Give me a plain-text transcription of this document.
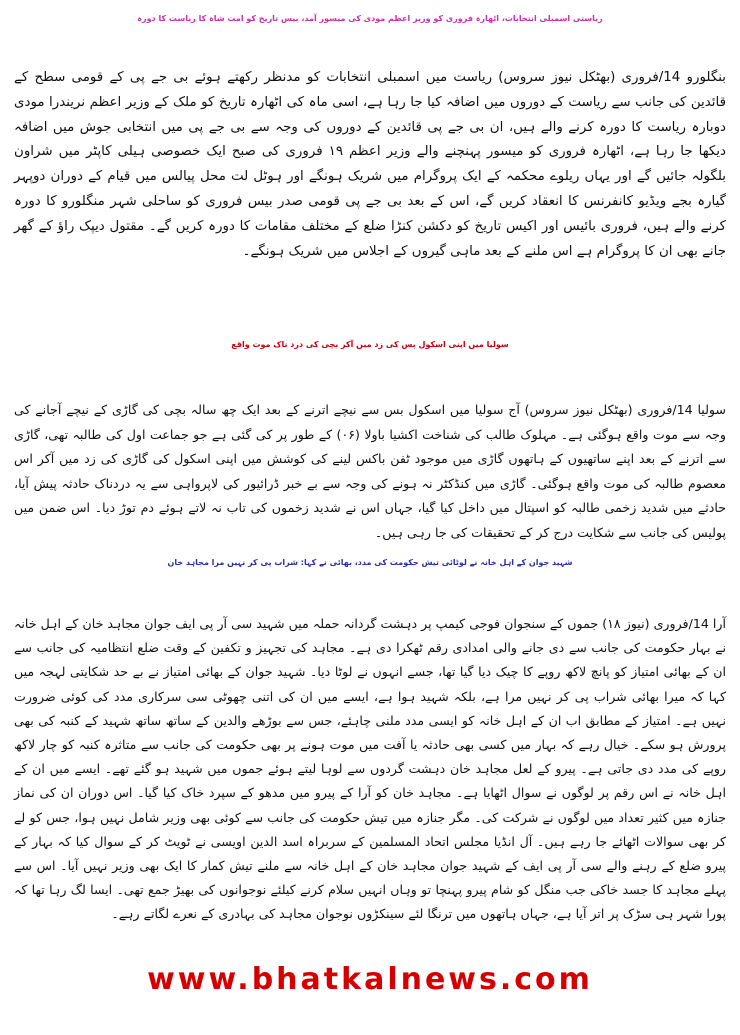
ریاستی اسمبلی انتخابات، اٹھارہ فروری کو وزیر اعظم مودی کی میسور آمد، بیس تاریخ کو امت شاہ کا ریاست کا دورہ
بنگلورو 14/فروری (بھٹکل نیوز سروس) ریاست میں اسمبلی انتخابات کو مدنظر رکھتے ہوئے بی جے پی کے قومی سطح کے قائدین کی جانب سے ریاست کے دوروں میں اضافہ کیا جا رہا ہے، اسی ماہ کی اٹھارہ تاریخ کو ملک کے وزیر اعظم نریندرا مودی دوبارہ ریاست کا دورہ کرنے والے ہیں، ان بی جے پی قائدین کے دوروں کی وجہ سے بی جے پی میں انتخابی جوش میں اضافہ دیکھا جا رہا ہے، اٹھارہ فروری کو میسور پہنچنے والے وزیر اعظم ۱۹ فروری کی صبح ایک خصوصی ہیلی کاپٹر میں شراون بلگولہ جائیں گے اور یہاں ریلوے محکمہ کے ایک پروگرام میں شریک ہونگے اور ہوٹل لت محل پیالس میں قیام کے دوران دوپہر گیارہ بجے ویڈیو کانفرنس کا انعقاد کریں گے، اس کے بعد بی جے پی قومی صدر بیس فروری کو ساحلی شہر منگلورو کا دورہ کرنے والے ہیں، فروری بائیس اور اکیس تاریخ کو دکشن کنڑا ضلع کے مختلف مقامات کا دورہ کریں گے۔ مقتول دیپک راؤ کے گھر جانے بھی ان کا پروگرام ہے اس ملنے کے بعد ماہی گیروں کے اجلاس میں شریک ہونگے۔
سولیا میں اپنی اسکول بس کی زد میں آکر بچی کی درد ناک موت واقع
سولیا 14/فروری (بھٹکل نیوز سروس) آج سولیا میں اسکول بس سے نیچے اترنے کے بعد ایک چھ سالہ بچی کی گاڑی کے نیچے آجانے کی وجہ سے موت واقع ہوگئی ہے۔ مہلوک طالب کی شناخت اکشیا باولا (۰۶) کے طور پر کی گئی ہے جو جماعت اول کی طالبہ تھی، گاڑی سے اترنے کے بعد اپنے ساتھیوں کے ہاتھوں گاڑی میں موجود ٹفن باکس لینے کی کوشش میں اپنی اسکول کی گاڑی کی زد میں آکر اس معصوم طالبہ کی موت واقع ہوگئی۔ گاڑی میں کنڈکٹر نہ ہونے کی وجہ سے بے خبر ڈرائیور کی لاپرواہی سے یہ دردناک حادثہ پیش آیا، حادثے میں شدید زخمی طالبہ کو اسپتال میں داخل کیا گیا، جہاں اس نے شدید زخموں کی تاب نہ لاتے ہوئے دم توڑ دیا۔ اس ضمن میں پولیس کی جانب سے شکایت درج کر کے تحقیقات کی جا رہی ہیں۔
شہید جوان کے اہل خانہ نے لوٹائی تیش حکومت کی مدد، بھائی نے کہا: شراب پی کر نہیں مرا مجاہد خان
آرا 14/فروری (نیوز ۱۸) جموں کے سنجوان فوجی کیمپ پر دہشت گردانہ حملہ میں شہید سی آر پی ایف جوان مجاہد خان کے اہل خانہ نے بہار حکومت کی جانب سے دی جانے والی امدادی رقم ٹھکرا دی ہے۔ مجاہد کی تجہیز و تکفین کے وقت ضلع انتظامیہ کی جانب سے ان کے بھائی امتیاز کو پانچ لاکھ روپے کا چیک دیا گیا تھا، جسے انہوں نے لوٹا دیا۔ شہید جوان کے بھائی امتیاز نے بے حد شکایتی لہجہ میں کہا کہ میرا بھائی شراب پی کر نہیں مرا ہے، بلکہ شہید ہوا ہے، ایسے میں ان کی اتنی چھوٹی سی سرکاری مدد کی کوئی ضرورت نہیں ہے۔ امتیاز کے مطابق اب ان کے اہل خانہ کو ایسی مدد ملنی چاہئے، جس سے بوڑھے والدین کے ساتھ ساتھ شہید کے کنبہ کی بھی پرورش ہو سکے۔ خیال رہے کہ بہار میں کسی بھی حادثہ یا آفت میں موت ہونے پر بھی حکومت کی جانب سے متاثرہ کنبہ کو چار لاکھ روپے کی مدد دی جاتی ہے۔ پیرو کے لعل مجاہد خان دہشت گردوں سے لوہا لیتے ہوئے جموں میں شہید ہو گئے تھے۔ ایسے میں ان کے اہل خانہ نے اس رقم پر لوگوں نے سوال اٹھایا ہے۔ مجاہد خان کو آرا کے پیرو میں مدھو کے سپرد خاک کیا گیا۔ اس دوران ان کی نماز جنازہ میں کثیر تعداد میں لوگوں نے شرکت کی۔ مگر جنازہ میں تیش حکومت کی جانب سے کوئی بھی وزیر شامل نہیں ہوا، جس کو لے کر بھی سوالات اٹھائے جا رہے ہیں۔ آل انڈیا مجلس اتحاد المسلمین کے سربراہ اسد الدین اویسی نے ٹویٹ کر کے سوال کیا کہ بہار کے پیرو ضلع کے رہنے والے سی آر پی ایف کے شہید جوان مجاہد خان کے اہل خانہ سے ملنے تیش کمار کا ایک بھی وزیر نہیں آیا۔ اس سے پہلے مجاہد کا جسد خاکی جب منگل کو شام پیرو پہنچا تو وہاں انہیں سلام کرنے کیلئے نوجوانوں کی بھیڑ جمع تھی۔ ایسا لگ رہا تھا کہ پورا شہر ہی سڑک پر اتر آیا ہے، جہاں ہاتھوں میں ترنگا لئے سینکڑوں نوجوان مجاہد کی بہادری کے نعرے لگاتے رہے۔
www.bhatkalnews.com
